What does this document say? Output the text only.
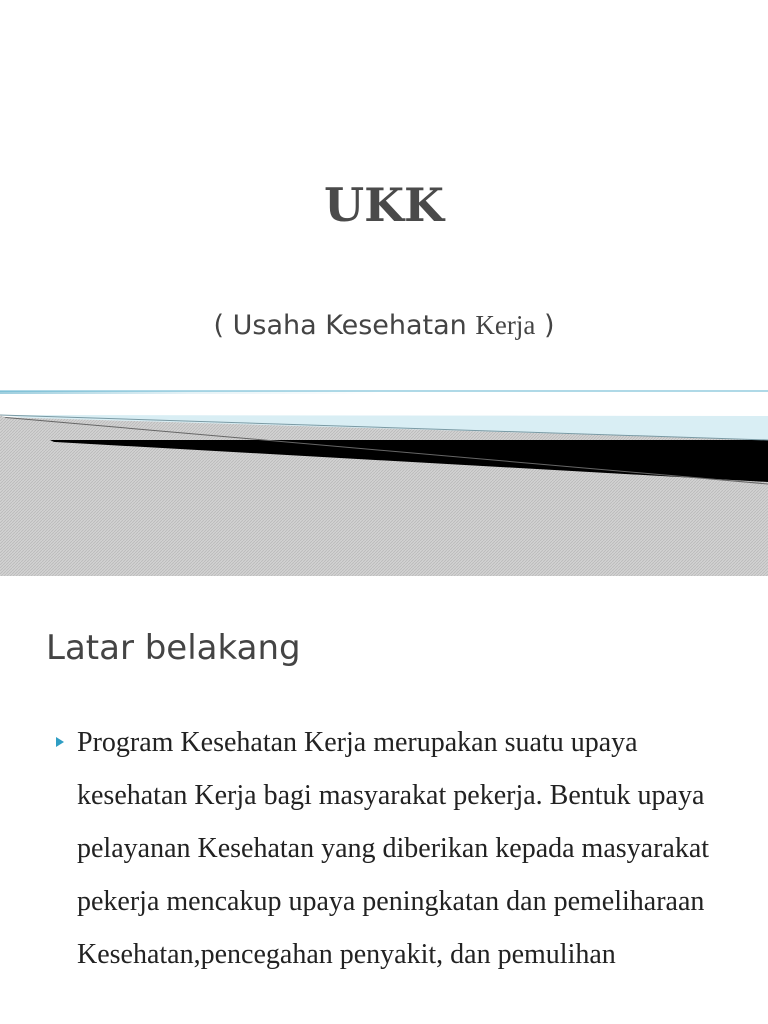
UKK

( Usaha Kesehatan Kerja )

Latar belakang

Program Kesehatan Kerja merupakan suatu upaya kesehatan Kerja bagi masyarakat pekerja. Bentuk upaya pelayanan Kesehatan yang diberikan kepada masyarakat pekerja mencakup upaya peningkatan dan pemeliharaan Kesehatan,pencegahan penyakit, dan pemulihan
